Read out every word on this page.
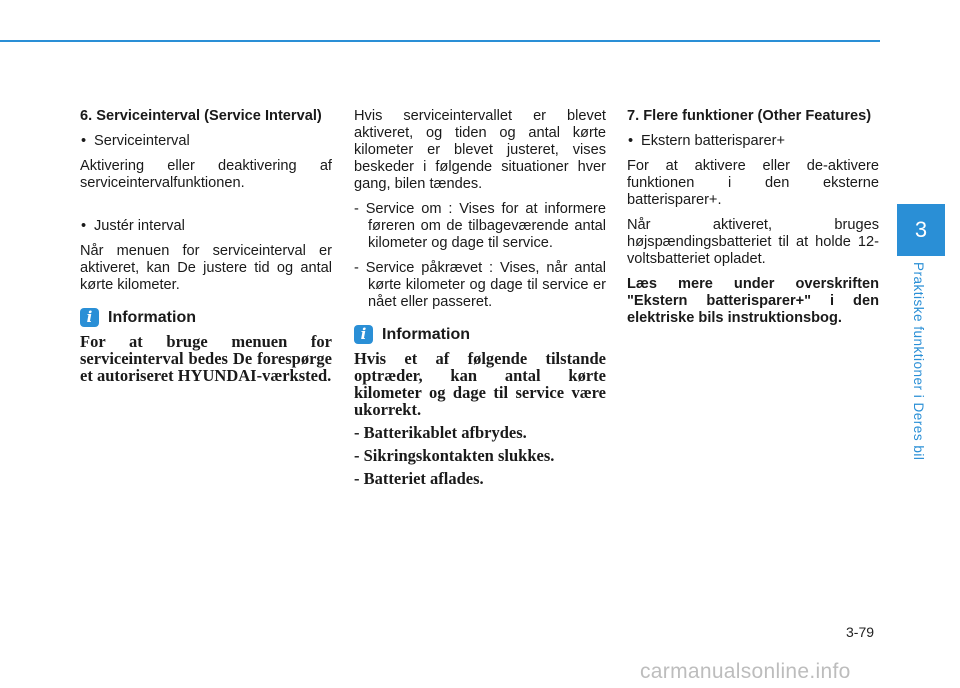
6. Serviceinterval (Service Interval)

• Serviceinterval

Aktivering eller deaktivering af serviceintervalfunktionen.

• Justér interval

Når menuen for serviceinterval er aktiveret, kan De justere tid og antal kørte kilometer.

i Information

For at bruge menuen for serviceinterval bedes De forespørge et autoriseret HYUNDAI-værksted.

Hvis serviceintervallet er blevet aktiveret, og tiden og antal kørte kilometer er blevet justeret, vises beskeder i følgende situationer hver gang, bilen tændes.

- Service om : Vises for at informere føreren om de tilbageværende antal kilometer og dage til service.

- Service påkrævet : Vises, når antal kørte kilometer og dage til service er nået eller passeret.

i Information

Hvis et af følgende tilstande optræder, kan antal kørte kilometer og dage til service være ukorrekt.

- Batterikablet afbrydes.

- Sikringskontakten slukkes.

- Batteriet aflades.

7. Flere funktioner (Other Features)

• Ekstern batterisparer+

For at aktivere eller de-aktivere funktionen i den eksterne batterisparer+.

Når aktiveret, bruges højspændingsbatteriet til at holde 12-voltsbatteriet opladet.

Læs mere under overskriften "Ekstern batterisparer+" i den elektriske bils instruktionsbog.

3
Praktiske funktioner i Deres bil
3-79
carmanualsonline.info
